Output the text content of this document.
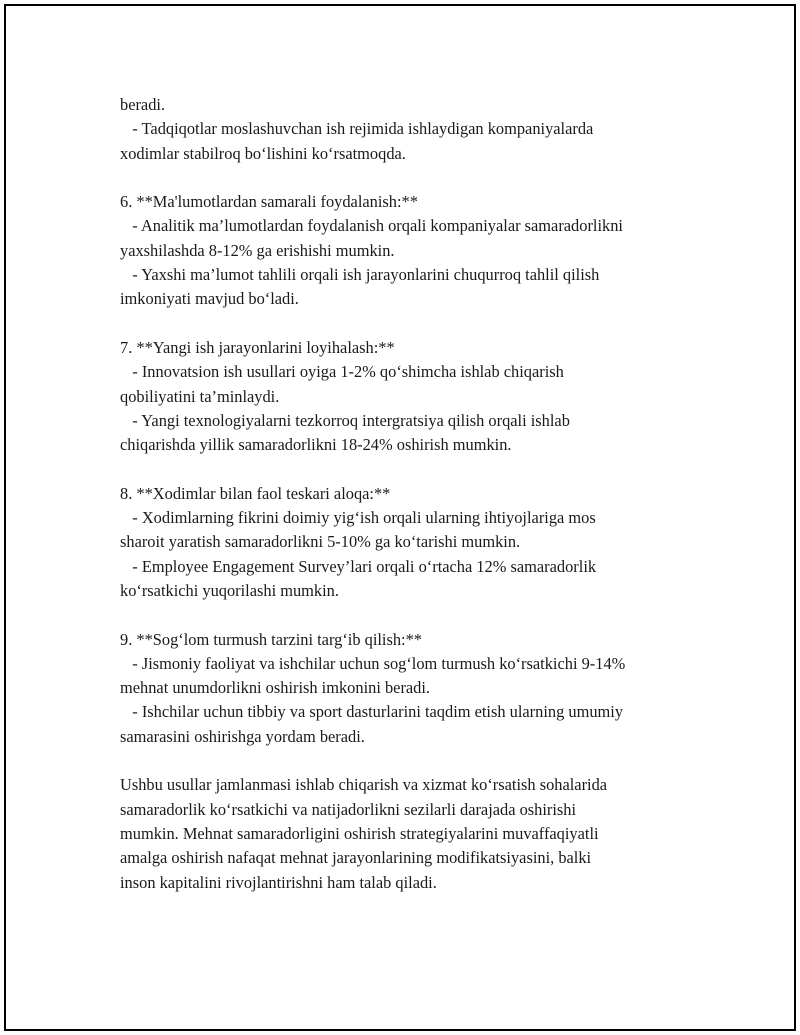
beradi.
- Tadqiqotlar moslashuvchan ish rejimida ishlaydigan kompaniyalarda
xodimlar stabilroq bo‘lishini ko‘rsatmoqda.
6. **Ma'lumotlardan samarali foydalanish:**
- Analitik ma’lumotlardan foydalanish orqali kompaniyalar samaradorlikni
yaxshilashda 8-12% ga erishishi mumkin.
- Yaxshi ma’lumot tahlili orqali ish jarayonlarini chuqurroq tahlil qilish
imkoniyati mavjud bo‘ladi.
7. **Yangi ish jarayonlarini loyihalash:**
- Innovatsion ish usullari oyiga 1-2% qo‘shimcha ishlab chiqarish
qobiliyatini ta’minlaydi.
- Yangi texnologiyalarni tezkorroq intergratsiya qilish orqali ishlab
chiqarishda yillik samaradorlikni 18-24% oshirish mumkin.
8. **Xodimlar bilan faol teskari aloqa:**
- Xodimlarning fikrini doimiy yig‘ish orqali ularning ihtiyojlariga mos
sharoit yaratish samaradorlikni 5-10% ga ko‘tarishi mumkin.
- Employee Engagement Survey’lari orqali o‘rtacha 12% samaradorlik
ko‘rsatkichi yuqorilashi mumkin.
9. **Sog‘lom turmush tarzini targ‘ib qilish:**
- Jismoniy faoliyat va ishchilar uchun sog‘lom turmush ko‘rsatkichi 9-14%
mehnat unumdorlikni oshirish imkonini beradi.
- Ishchilar uchun tibbiy va sport dasturlarini taqdim etish ularning umumiy
samarasini oshirishga yordam beradi.
Ushbu usullar jamlanmasi ishlab chiqarish va xizmat ko‘rsatish sohalarida
samaradorlik ko‘rsatkichi va natijadorlikni sezilarli darajada oshirishi
mumkin. Mehnat samaradorligini oshirish strategiyalarini muvaffaqiyatli
amalga oshirish nafaqat mehnat jarayonlarining modifikatsiyasini, balki
inson kapitalini rivojlantirishni ham talab qiladi.
